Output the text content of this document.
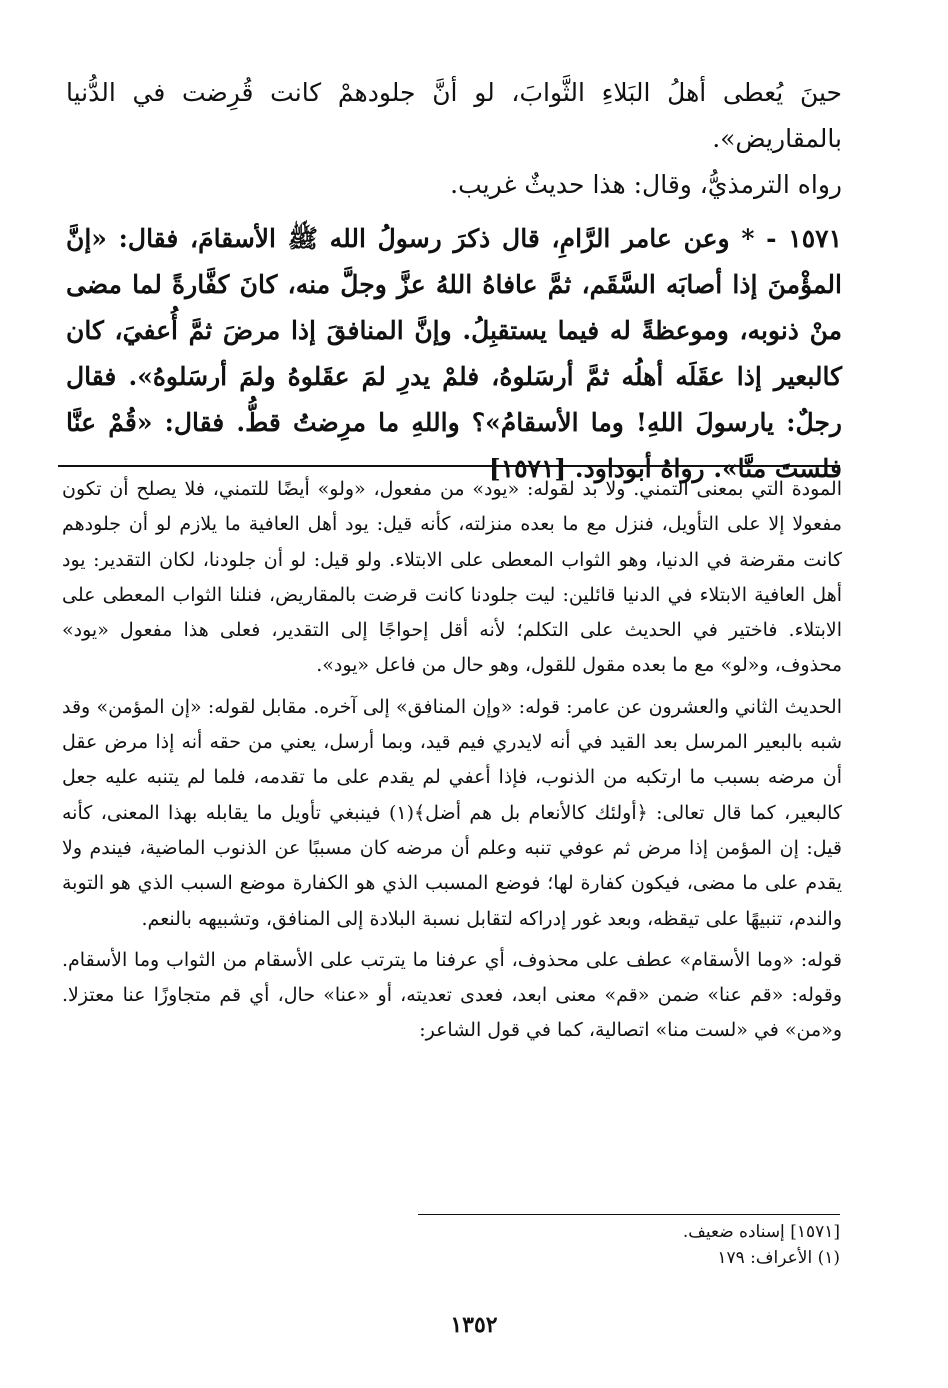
حينَ يُعطى أهلُ البَلاءِ الثَّوابَ، لو أنَّ جلودهمْ كانت قُرِضت في الدُّنيا بالمقاريض».

رواه الترمذيُّ، وقال: هذا حديثٌ غريب.

١٥٧١ - * وعن عامر الرَّامِ، قال ذكرَ رسولُ الله ﷺ الأسقامَ، فقال: «إنَّ المؤْمنَ إذا أصابَه السَّقَم، ثمَّ عافاهُ اللهُ عزَّ وجلَّ منه، كانَ كفَّارةً لما مضى منْ ذنوبه، وموعظةً له فيما يستقبِلُ. وإنَّ المنافقَ إذا مرضَ ثمَّ أُعفيَ، كان كالبعير إذا عقَلَه أهلُه ثمَّ أرسَلوهُ، فلمْ يدرِ لمَ عقَلوهُ ولمَ أرسَلوهُ». فقال رجلٌ: يارسولَ اللهِ! وما الأسقامُ»؟ واللهِ ما مرِضتُ قطُّ. فقال: «قُمْ عنَّا فلستَ منَّا». رواهُ أبوداود. [١٥٧١]

المودة التي بمعنى التمني. ولا بد لقوله: «يود» من مفعول، «ولو» أيضًا للتمني، فلا يصلح أن تكون مفعولا إلا على التأويل، فنزل مع ما بعده منزلته، كأنه قيل: يود أهل العافية ما يلازم لو أن جلودهم كانت مقرضة في الدنيا، وهو الثواب المعطى على الابتلاء. ولو قيل: لو أن جلودنا، لكان التقدير: يود أهل العافية الابتلاء في الدنيا قائلين: ليت جلودنا كانت قرضت بالمقاريض، فنلنا الثواب المعطى على الابتلاء. فاختير في الحديث على التكلم؛ لأنه أقل إحواجًا إلى التقدير، فعلى هذا مفعول «يود» محذوف، و«لو» مع ما بعده مقول للقول، وهو حال من فاعل «يود».

الحديث الثاني والعشرون عن عامر: قوله: «وإن المنافق» إلى آخره. مقابل لقوله: «إن المؤمن» وقد شبه بالبعير المرسل بعد القيد في أنه لايدري فيم قيد، وبما أرسل، يعني من حقه أنه إذا مرض عقل أن مرضه بسبب ما ارتكبه من الذنوب، فإذا أعفي لم يقدم على ما تقدمه، فلما لم يتنبه عليه جعل كالبعير، كما قال تعالى: ﴿أولئك كالأنعام بل هم أضل﴾(١) فينبغي تأويل ما يقابله بهذا المعنى، كأنه قيل: إن المؤمن إذا مرض ثم عوفي تنبه وعلم أن مرضه كان مسببًا عن الذنوب الماضية، فيندم ولا يقدم على ما مضى، فيكون كفارة لها؛ فوضع المسبب الذي هو الكفارة موضع السبب الذي هو التوبة والندم، تنبيهًا على تيقظه، وبعد غور إدراكه لتقابل نسبة البلادة إلى المنافق، وتشبيهه بالنعم.

قوله: «وما الأسقام» عطف على محذوف، أي عرفنا ما يترتب على الأسقام من الثواب وما الأسقام. وقوله: «قم عنا» ضمن «قم» معنى ابعد، فعدى تعديته، أو «عنا» حال، أي قم متجاوزًا عنا معتزلا. و«من» في «لست منا» اتصالية، كما في قول الشاعر:

[١٥٧١] إسناده ضعيف.

(١) الأعراف: ١٧٩

١٣٥٢
